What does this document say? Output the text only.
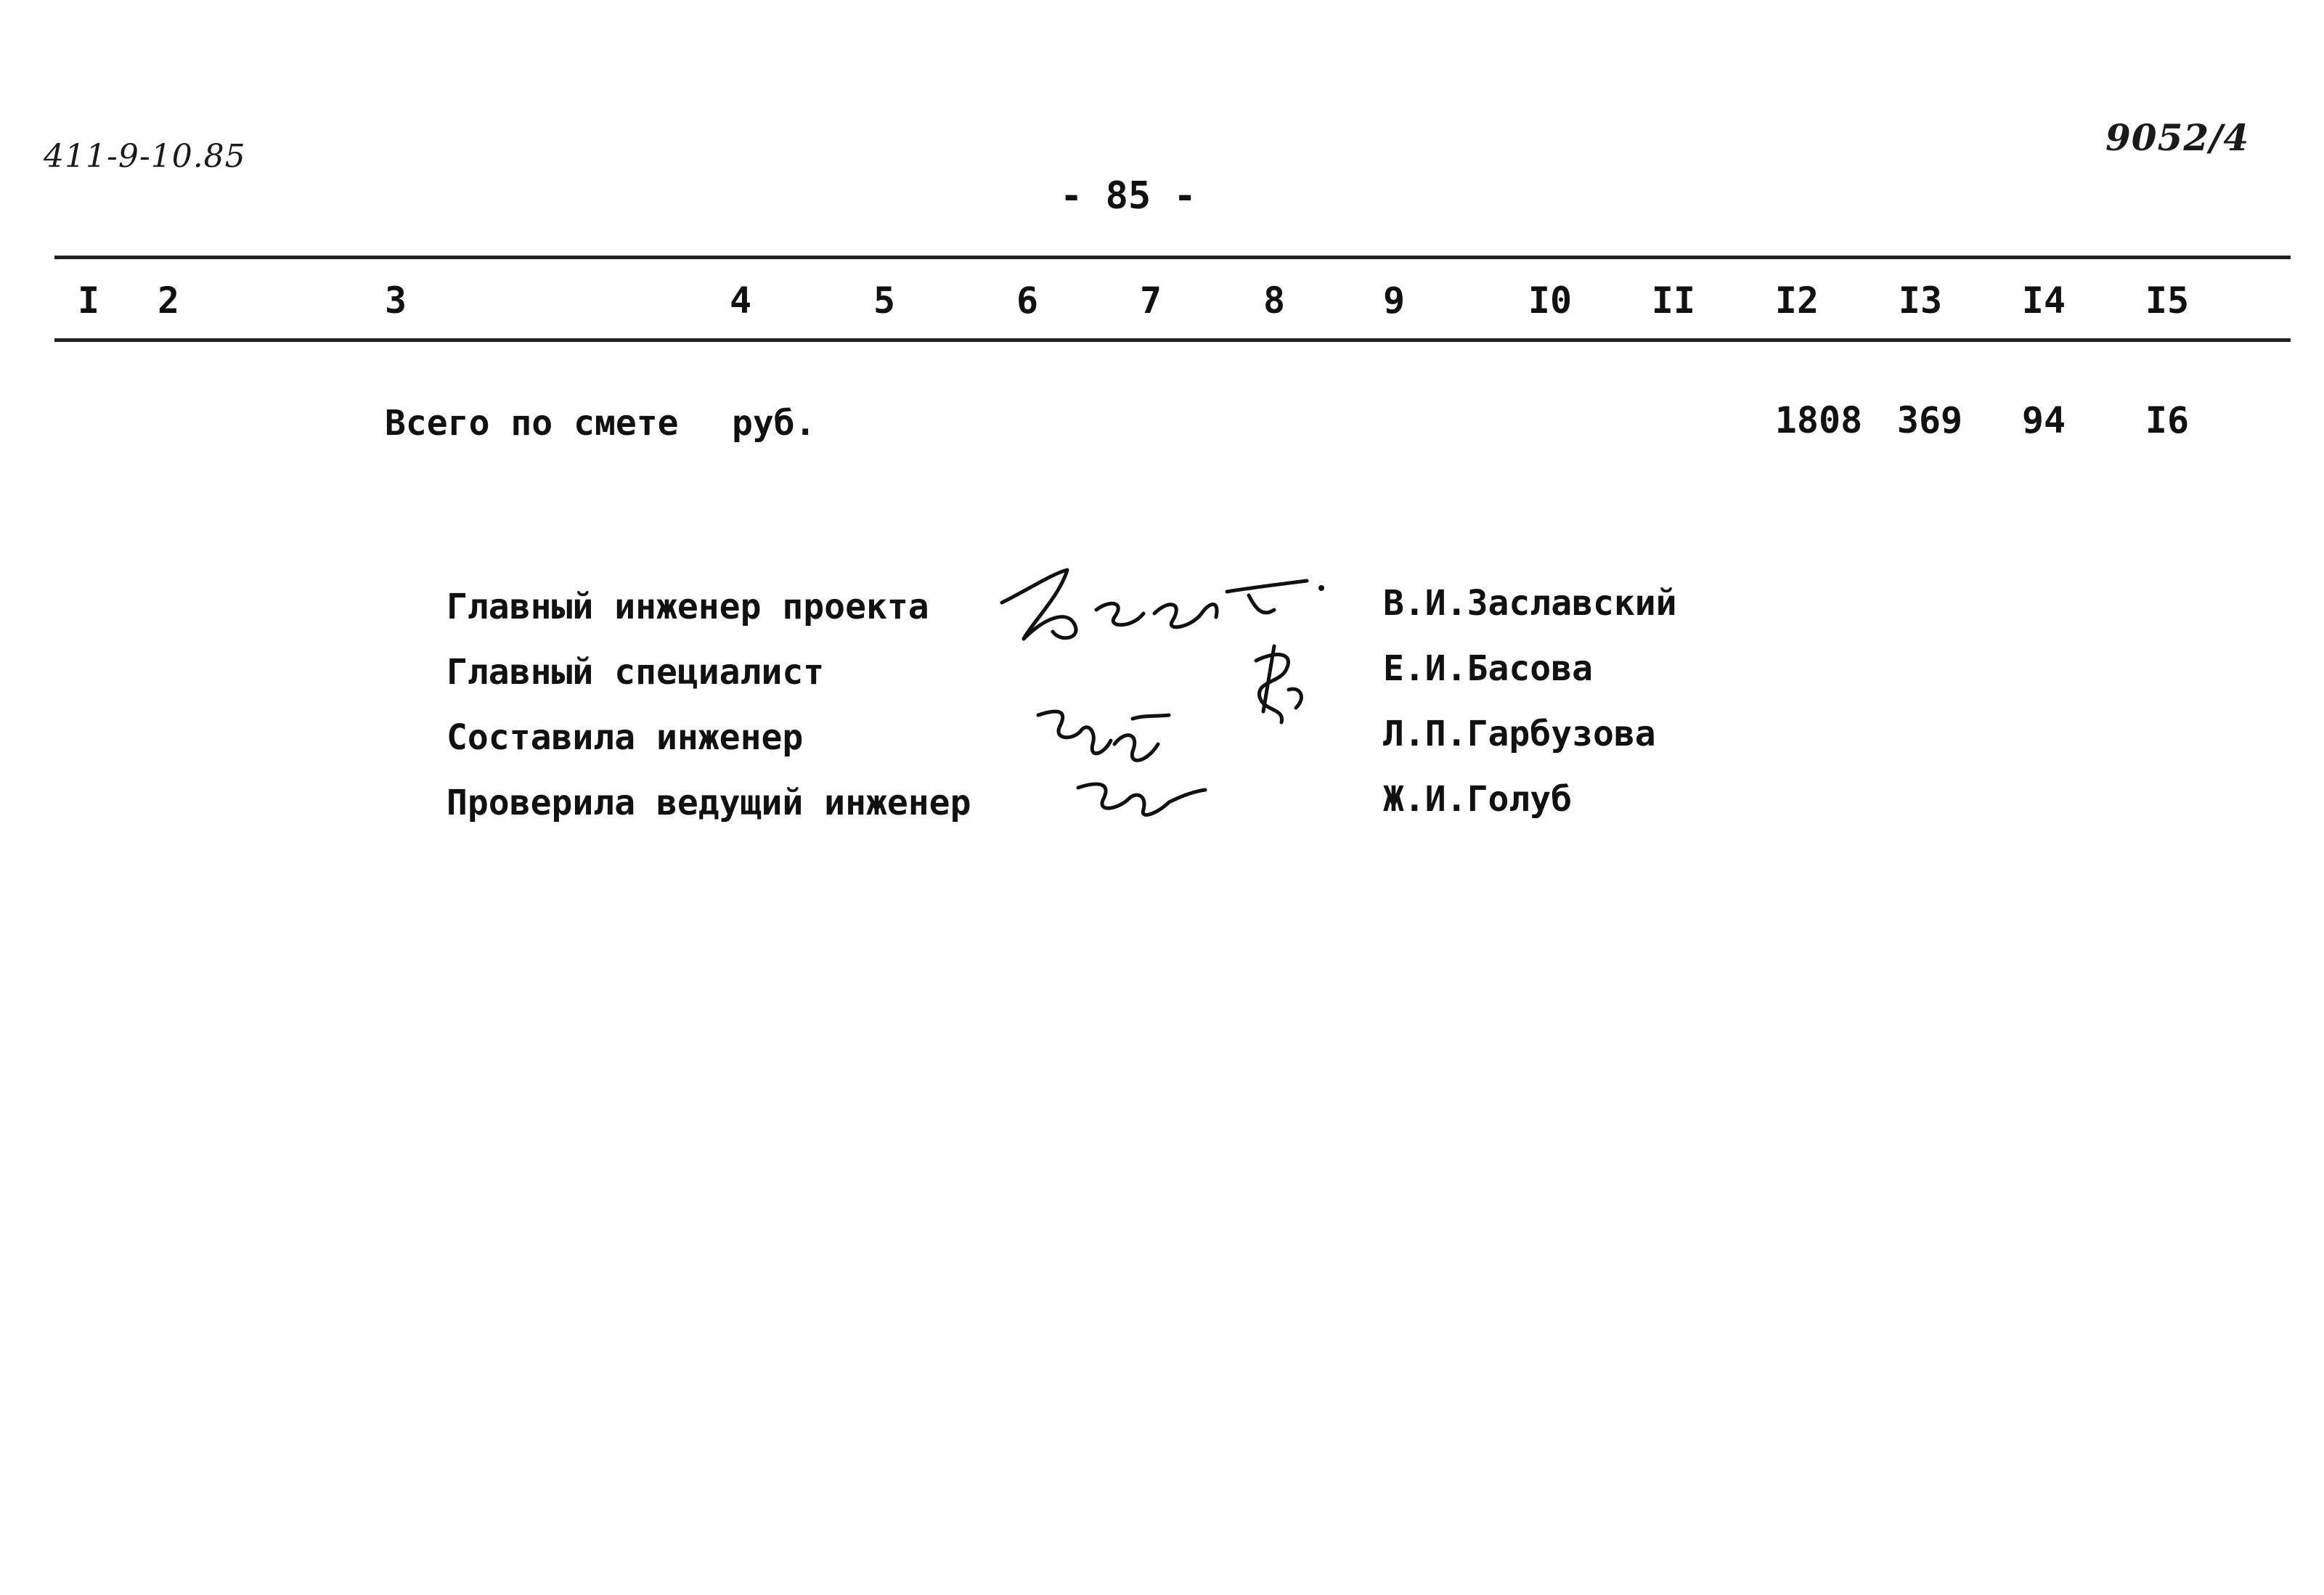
411-9-10.85
- 85 -
9052/4
I 2	3	4	5	6	7	8	9	I0 II I2 I3 I4 I5
Всего по смете руб.	1808 369 94 I6
Главный инженер проекта
Главный специалист
Составила инженер
Проверила ведущий инженер
В.И.Заславский
Е.И.Басова
Л.П.Гарбузова
Ж.И.Голуб
